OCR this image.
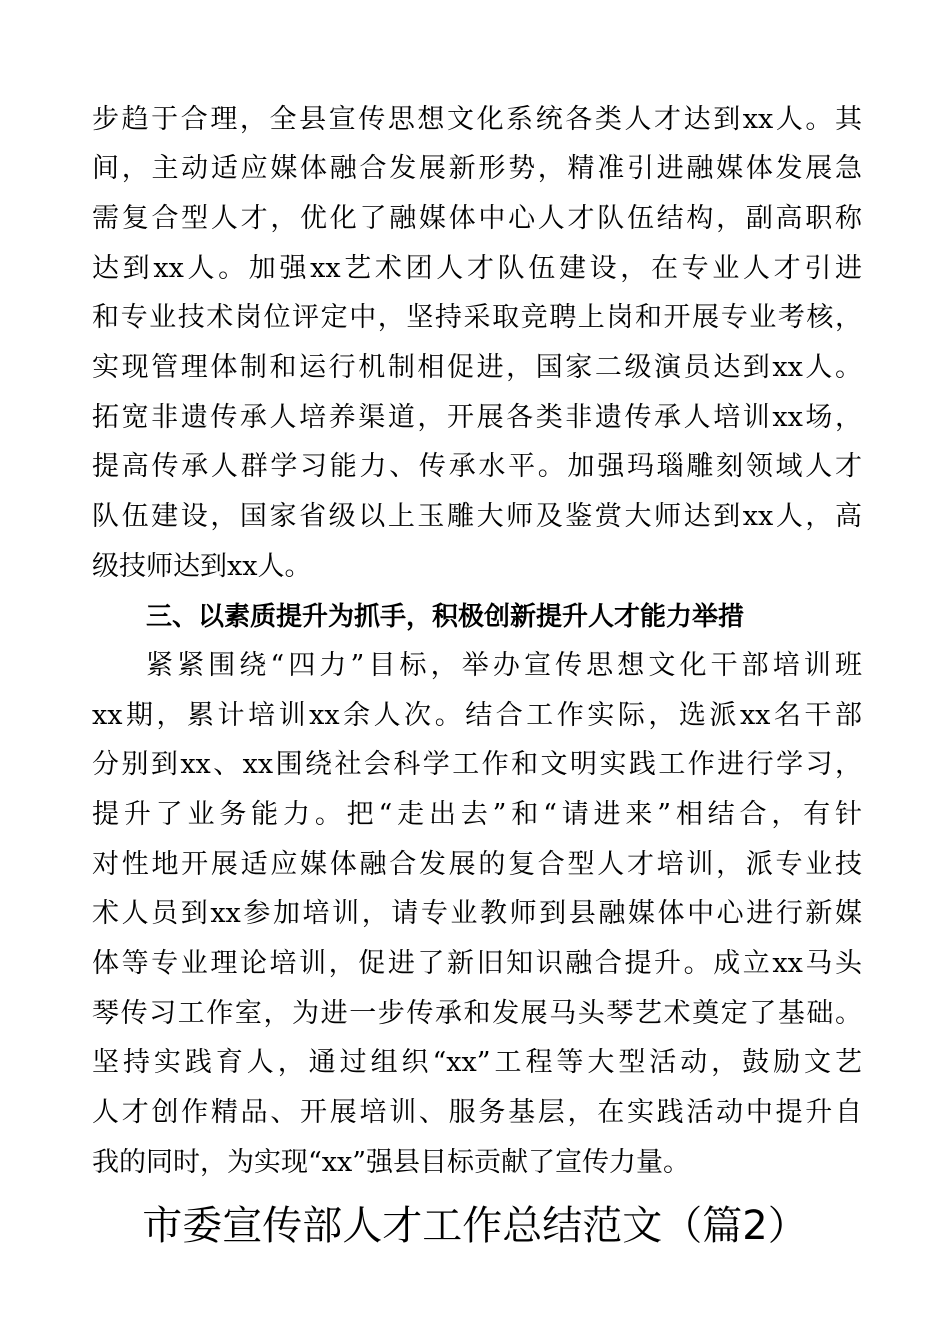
步趋于合理，全县宣传思想文化系统各类人才达到xx人。其
间，主动适应媒体融合发展新形势，精准引进融媒体发展急
需复合型人才，优化了融媒体中心人才队伍结构，副高职称
达到xx人。加强xx艺术团人才队伍建设，在专业人才引进
和专业技术岗位评定中，坚持采取竞聘上岗和开展专业考核，
实现管理体制和运行机制相促进，国家二级演员达到xx人。
拓宽非遗传承人培养渠道，开展各类非遗传承人培训xx场，
提高传承人群学习能力、传承水平。加强玛瑙雕刻领域人才
队伍建设，国家省级以上玉雕大师及鉴赏大师达到xx人，高
级技师达到xx人。
三、以素质提升为抓手，积极创新提升人才能力举措
紧紧围绕“四力”目标，举办宣传思想文化干部培训班
xx期，累计培训xx余人次。结合工作实际，选派xx名干部
分别到xx、xx围绕社会科学工作和文明实践工作进行学习，
提升了业务能力。把“走出去”和“请进来”相结合，有针
对性地开展适应媒体融合发展的复合型人才培训，派专业技
术人员到xx参加培训，请专业教师到县融媒体中心进行新媒
体等专业理论培训，促进了新旧知识融合提升。成立xx马头
琴传习工作室，为进一步传承和发展马头琴艺术奠定了基础。
坚持实践育人，通过组织“xx”工程等大型活动，鼓励文艺
人才创作精品、开展培训、服务基层，在实践活动中提升自
我的同时，为实现“xx”强县目标贡献了宣传力量。
市委宣传部人才工作总结范文（篇2）
